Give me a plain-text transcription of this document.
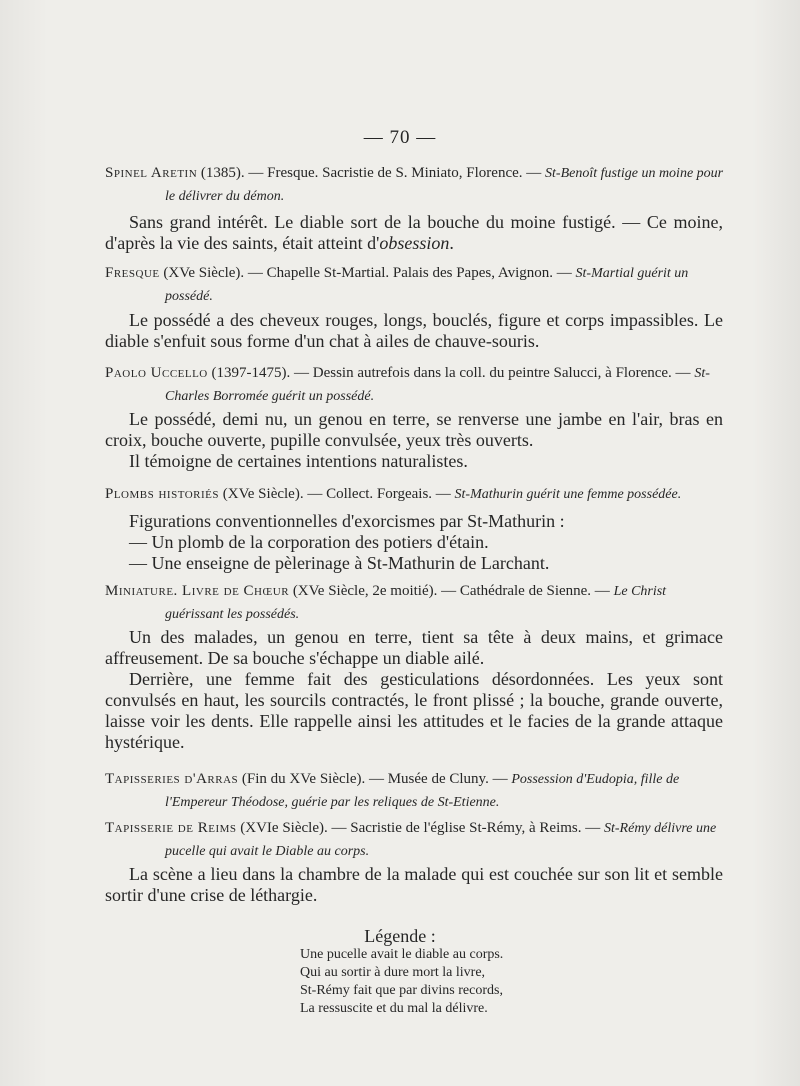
— 70 —

Spinel Aretin (1385). — Fresque. Sacristie de S. Miniato, Florence. — St-Benoît fustige un moine pour le délivrer du démon.

Sans grand intérêt. Le diable sort de la bouche du moine fustigé. — Ce moine, d'après la vie des saints, était atteint d'obsession.

Fresque (XVe Siècle). — Chapelle St-Martial. Palais des Papes, Avignon. — St-Martial guérit un possédé.

Le possédé a des cheveux rouges, longs, bouclés, figure et corps impassibles. Le diable s'enfuit sous forme d'un chat à ailes de chauve-souris.

Paolo Uccello (1397-1475). — Dessin autrefois dans la coll. du peintre Salucci, à Florence. — St-Charles Borromée guérit un possédé.

Le possédé, demi nu, un genou en terre, se renverse une jambe en l'air, bras en croix, bouche ouverte, pupille convulsée, yeux très ouverts.

Il témoigne de certaines intentions naturalistes.

Plombs historiés (XVe Siècle). — Collect. Forgeais. — St-Mathurin guérit une femme possédée.

Figurations conventionnelles d'exorcismes par St-Mathurin :

— Un plomb de la corporation des potiers d'étain.

— Une enseigne de pèlerinage à St-Mathurin de Larchant.

Miniature. Livre de Chœur (XVe Siècle, 2e moitié). — Cathédrale de Sienne. — Le Christ guérissant les possédés.

Un des malades, un genou en terre, tient sa tête à deux mains, et grimace affreusement. De sa bouche s'échappe un diable ailé.

Derrière, une femme fait des gesticulations désordonnées. Les yeux sont convulsés en haut, les sourcils contractés, le front plissé ; la bouche, grande ouverte, laisse voir les dents. Elle rappelle ainsi les attitudes et le facies de la grande attaque hystérique.

Tapisseries d'Arras (Fin du XVe Siècle). — Musée de Cluny. — Possession d'Eudopia, fille de l'Empereur Théodose, guérie par les reliques de St-Etienne.

Tapisserie de Reims (XVIe Siècle). — Sacristie de l'église St-Rémy, à Reims. — St-Rémy délivre une pucelle qui avait le Diable au corps.

La scène a lieu dans la chambre de la malade qui est couchée sur son lit et semble sortir d'une crise de léthargie.

Légende :
Une pucelle avait le diable au corps.
Qui au sortir à dure mort la livre,
St-Rémy fait que par divins records,
La ressuscite et du mal la délivre.
